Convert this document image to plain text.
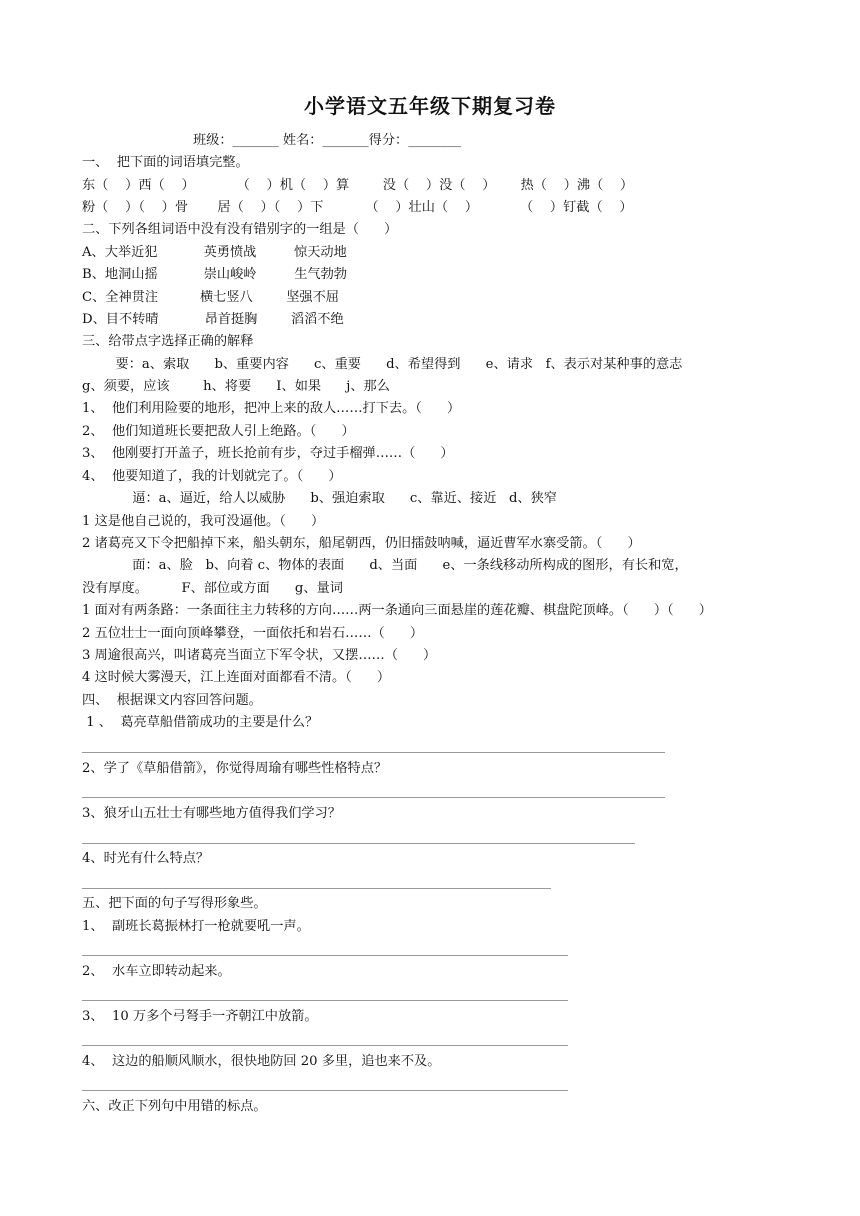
小学语文五年级下期复习卷
班级：_______ 姓名：_______得分：________
一、  把下面的词语填完整。
东（    ）西（    ）          （    ）机（    ）算        没（    ）没（    ）      热（    ）沸（    ）
粉（    ）（    ）骨       居（    ）（    ）下          （    ）壮山（    ）          （    ）钉截（    ）
二、下列各组词语中没有没有错别字的一组是（      ）
A、大举近犯           英勇愤战         惊天动地
B、地洞山摇           崇山峻岭         生气勃勃
C、全神贯注          横七竖八        坚强不屈
D、目不转晴           昂首挺胸        滔滔不绝
三、给带点字选择正确的解释
要：a、索取      b、重要内容      c、重要      d、希望得到      e、请求   f、表示对某种事的意志
g、须要，应该        h、将要      I、如果      j、那么
1、  他们利用险要的地形，把冲上来的敌人……打下去。（      ）
2、  他们知道班长要把敌人引上绝路。（      ）
3、  他刚要打开盖子，班长抢前有步，夺过手榴弹……（      ）
4、  他要知道了，我的计划就完了。（      ）
逼：a、逼近，给人以威胁      b、强迫索取      c、靠近、接近   d、狭窄
1 这是他自己说的，我可没逼他。（      ）
2 诸葛亮又下令把船掉下来，船头朝东，船尾朝西，仍旧擂鼓呐喊，逼近曹军水寨受箭。（      ）
面：a、脸   b、向着 c、物体的表面      d、当面      e、一条线移动所构成的图形，有长和宽，
没有厚度。        F、部位或方面      g、量词
1 面对有两条路：一条面往主力转移的方向……两一条通向三面悬崖的莲花瓣、棋盘陀顶峰。（      ）（      ）
2 五位壮士一面向顶峰攀登，一面依托和岩石……（      ）
3 周逾很高兴，叫诸葛亮当面立下军令状，又摆……（      ）
4 这时候大雾漫天，江上连面对面都看不清。（      ）
四、  根据课文内容回答问题。
1 、  葛亮草船借箭成功的主要是什么？
2、学了《草船借箭》，你觉得周瑜有哪些性格特点？
3、狼牙山五壮士有哪些地方值得我们学习？
4、时光有什么特点？
五、把下面的句子写得形象些。
1、  副班长葛振林打一枪就要吼一声。
2、  水车立即转动起来。
3、  10 万多个弓弩手一齐朝江中放箭。
4、  这边的船顺风顺水，很快地防回 20 多里，追也来不及。
六、改正下列句中用错的标点。
